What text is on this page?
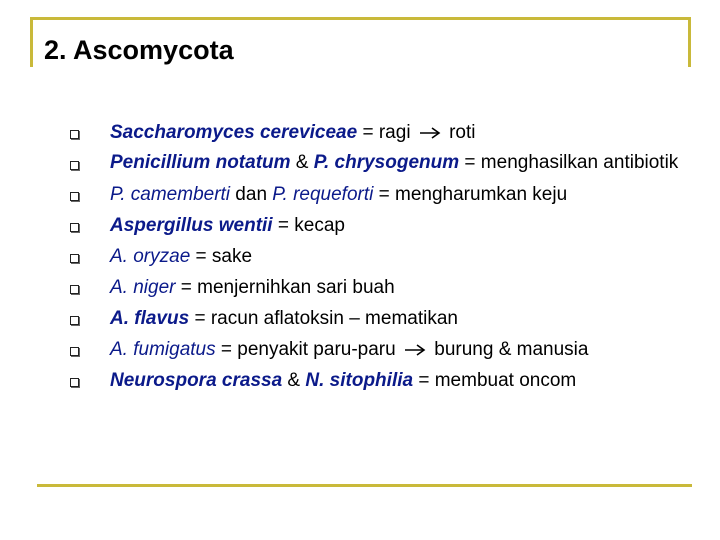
2. Ascomycota
Saccharomyces cereviceae = ragi  roti
Penicillium notatum & P. chrysogenum = menghasilkan antibiotik
P. camemberti dan P. requeforti = mengharumkan keju
Aspergillus wentii = kecap
A. oryzae = sake
A. niger = menjernihkan sari buah
A. flavus = racun aflatoksin – mematikan
A. fumigatus = penyakit paru-paru  burung & manusia
Neurospora crassa & N. sitophilia = membuat oncom
